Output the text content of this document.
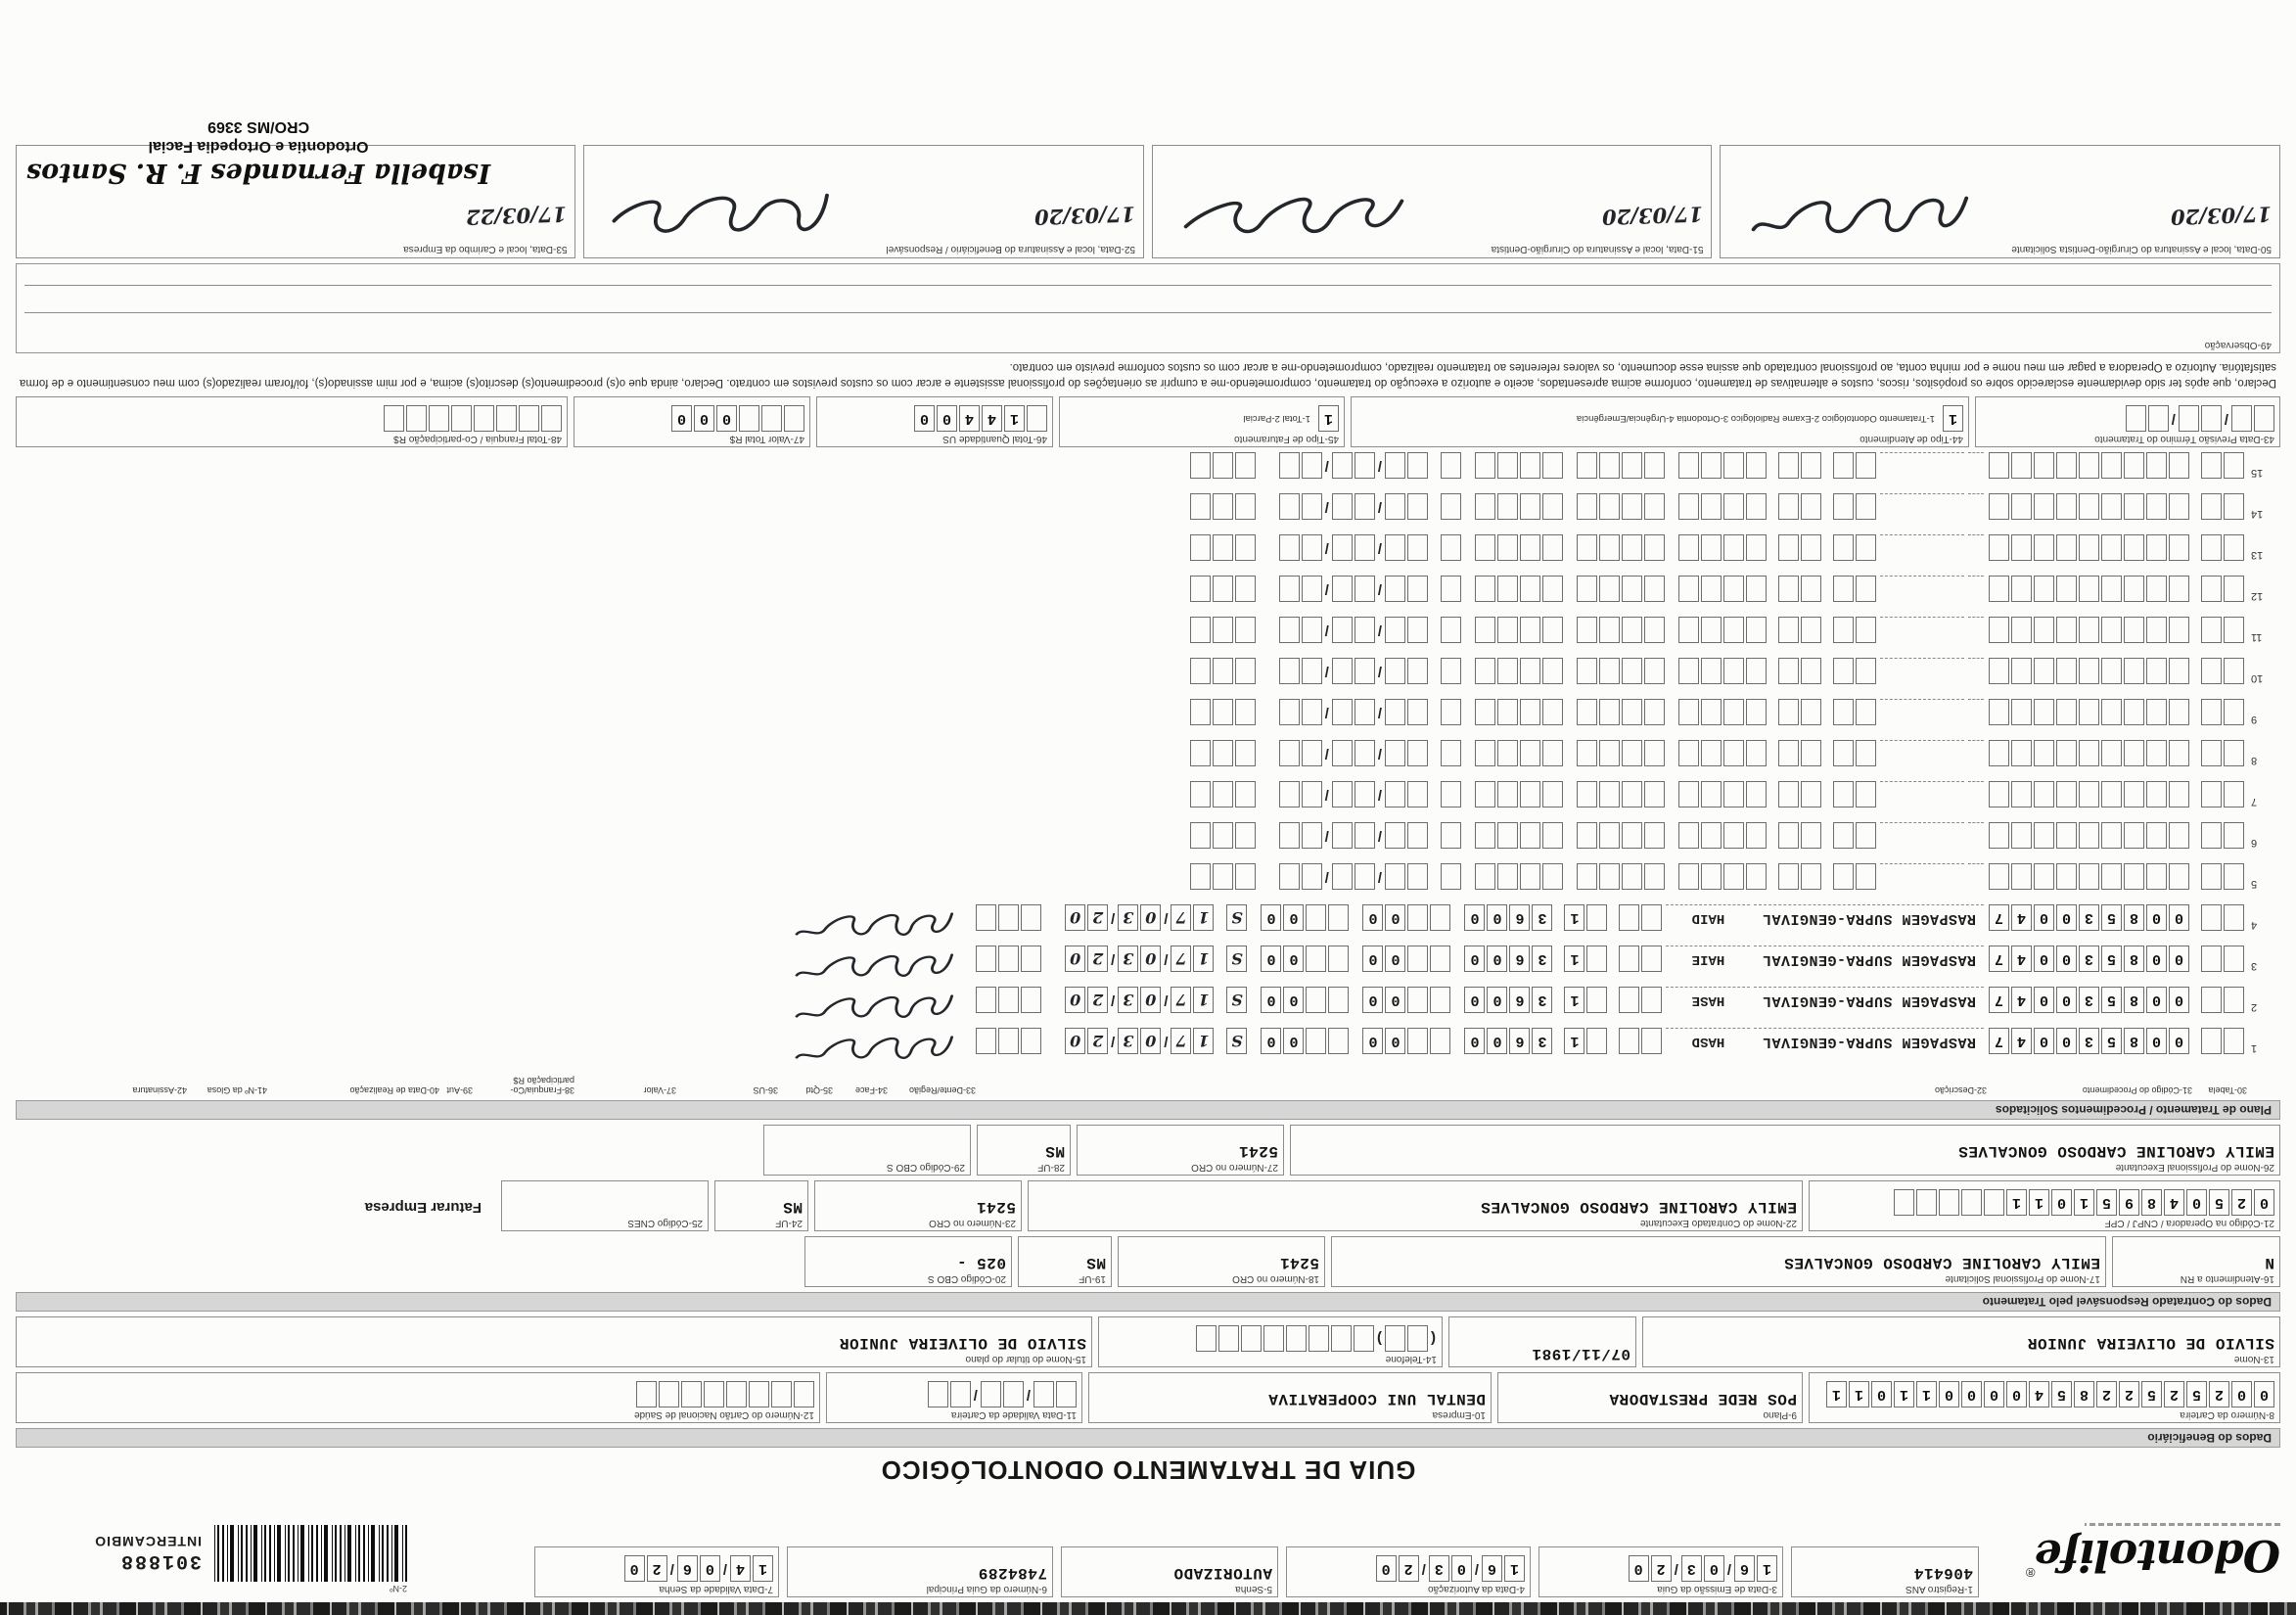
Odontolife®
1-Registro ANS
406414
3-Data de Emissão da Guia
1
6
/
0
3
/
2
0
4-Data da Autorização
1
6
/
0
3
/
2
0
5-Senha
AUTORIZADO
6-Número da Guia Principal
7484289
7-Data Validade da Senha
1
4
/
0
6
/
2
0
2-Nº
301888
INTERCAMBIO
GUIA DE TRATAMENTO ODONTOLÓGICO
Dados do Beneficiário
8-Número da Carteira
0
0
2
5
2
5
2
2
8
5
4
0
0
0
0
1
1
0
1
1
9-Plano
POS REDE PRESTADORA
10-Empresa
DENTAL UNI COOPERATIVA
11-Data Validade da Carteira
/
/
12-Número do Cartão Nacional de Saúde
13-Nome
SILVIO DE OLIVEIRA JUNIOR
07/11/1981
14-Telefone
(
)
15-Nome do titular do plano
SILVIO DE OLIVEIRA JUNIOR
Dados do Contratado Responsável pelo Tratamento
16-Atendimento a RN
N
17-Nome do Profissional Solicitante
EMILY CAROLINE CARDOSO GONCALVES
18-Número no CRO
5241
19-UF
MS
20-Código CBO S
025 -
21-Código na Operadora / CNPJ / CPF
0
2
5
0
4
8
9
5
1
0
1
1
22-Nome do Contratado Executante
EMILY CAROLINE CARDOSO GONCALVES
23-Número no CRO
5241
24-UF
MS
25-Código CNES
Faturar Empresa
26-Nome do Profissional Executante
EMILY CAROLINE CARDOSO GONCALVES
27-Número no CRO
5241
28-UF
MS
29-Código CBO S
Plano de Tratamento / Procedimentos Solicitados
30-Tabela
31-Código do Procedimento
32-Descrição
33-Dente/Região
34-Face
35-Qtd
36-US
37-Valor
38-Franquia/Co-participação R$
39-Aut
40-Data de Realização
41-Nº da Glosa
42-Assinatura
1
0
0
8
5
3
0
0
4
7
RASPAGEM SUPRA-GENGIVAL
HASD
1
3
6
0
0
0
0
0
0
S
1
7
/
0
3
/
2
0
2
0
0
8
5
3
0
0
4
7
RASPAGEM SUPRA-GENGIVAL
HASE
1
3
6
0
0
0
0
0
0
S
1
7
/
0
3
/
2
0
3
0
0
8
5
3
0
0
4
7
RASPAGEM SUPRA-GENGIVAL
HAIE
1
3
6
0
0
0
0
0
0
S
1
7
/
0
3
/
2
0
4
0
0
8
5
3
0
0
4
7
RASPAGEM SUPRA-GENGIVAL
HAID
1
3
6
0
0
0
0
0
0
S
1
7
/
0
3
/
2
0
5
/
/
6
/
/
7
/
/
8
/
/
9
/
/
10
/
/
11
/
/
12
/
/
13
/
/
14
/
/
15
/
/
43-Data Previsão Término do Tratamento
/
/
44-Tipo de Atendimento
1
1-Tratamento Odontológico 2-Exame Radiológico 3-Ortodontia 4-Urgência/Emergência
45-Tipo de Faturamento
1
1-Total 2-Parcial
46-Total Quantidade US
1
4
4
0
0
47-Valor Total R$
0
0
0
48-Total Franquia / Co-participação R$
Declaro, que após ter sido devidamente esclarecido sobre os propósitos, riscos, custos e alternativas de tratamento, conforme acima apresentados, aceito e autorizo a execução do tratamento, comprometendo-me a cumprir as orientações do profissional assistente e arcar com os custos previstos em contrato. Declaro, ainda que o(s) procedimento(s) descrito(s) acima, e por mim assinado(s), foi/foram realizado(s) com meu consentimento e de forma satisfatória. Autorizo a Operadora a pagar em meu nome e por minha conta, ao profissional contratado que assina esse documento, os valores referentes ao tratamento realizado, comprometendo-me a arcar com os custos conforme previsto em contrato.
49-Observação
50-Data, local e Assinatura do Cirurgião-Dentista Solicitante
17/03/20
51-Data, local e Assinatura do Cirurgião-Dentista
17/03/20
52-Data, local e Assinatura do Beneficiário / Responsável
17/03/20
53-Data, local e Carimbo da Empresa
17/03/22
Isabella Fernandes F. R. Santos
Ortodontia e Ortopedia Facial
CRO/MS 3369
